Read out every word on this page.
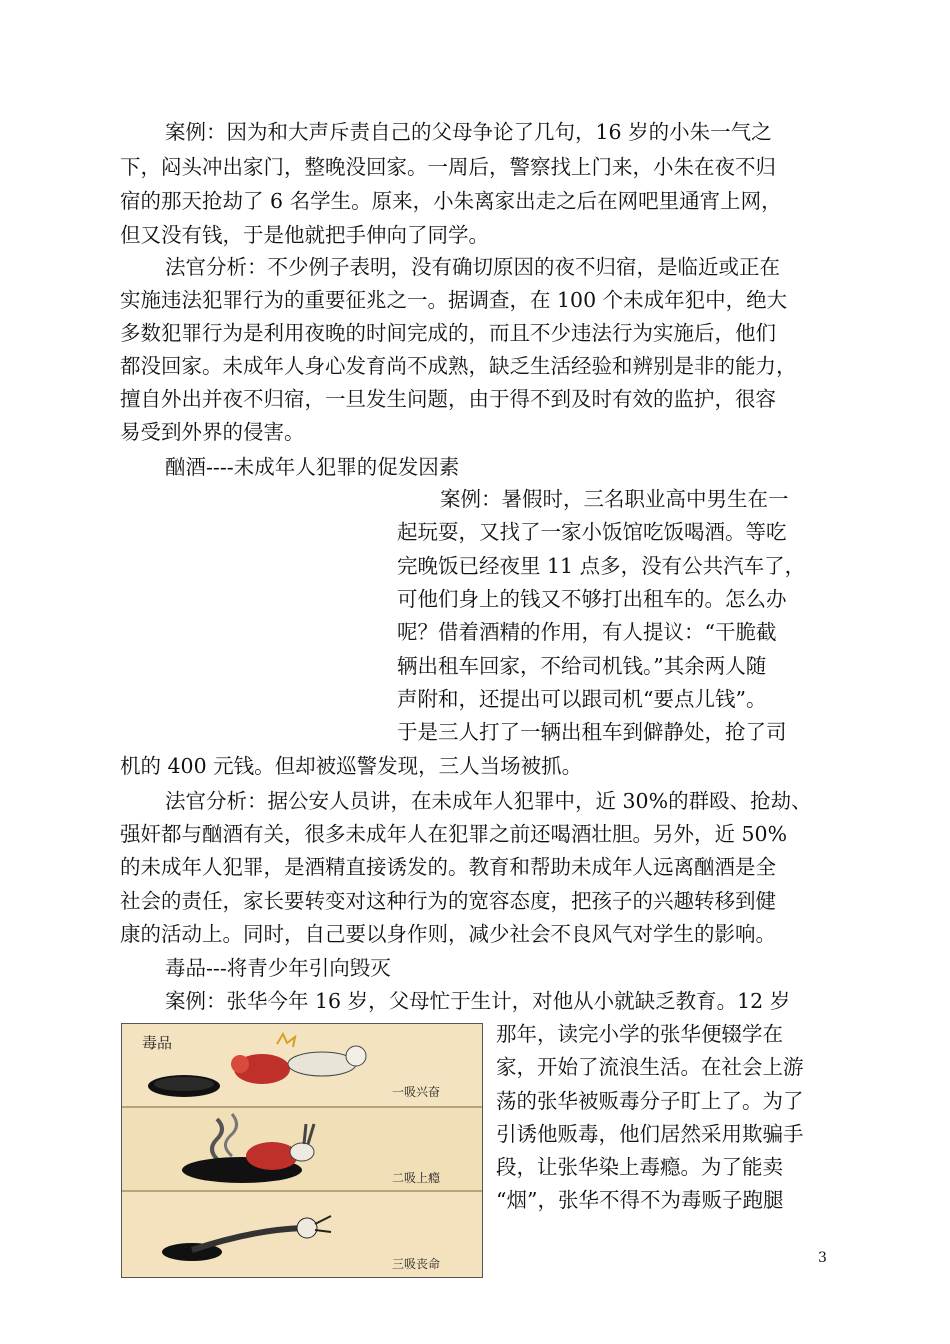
案例：因为和大声斥责自己的父母争论了几句，16 岁的小朱一气之
下，闷头冲出家门，整晚没回家。一周后，警察找上门来，小朱在夜不归
宿的那天抢劫了 6 名学生。原来，小朱离家出走之后在网吧里通宵上网，
但又没有钱，于是他就把手伸向了同学。
法官分析：不少例子表明，没有确切原因的夜不归宿，是临近或正在
实施违法犯罪行为的重要征兆之一。据调查，在 100 个未成年犯中，绝大
多数犯罪行为是利用夜晚的时间完成的，而且不少违法行为实施后，他们
都没回家。未成年人身心发育尚不成熟，缺乏生活经验和辨别是非的能力，
擅自外出并夜不归宿，一旦发生问题，由于得不到及时有效的监护，很容
易受到外界的侵害。
酗酒----未成年人犯罪的促发因素
案例：暑假时，三名职业高中男生在一
起玩耍，又找了一家小饭馆吃饭喝酒。等吃
完晚饭已经夜里 11 点多，没有公共汽车了，
可他们身上的钱又不够打出租车的。怎么办
呢？借着酒精的作用，有人提议：“干脆截
辆出租车回家，不给司机钱。”其余两人随
声附和，还提出可以跟司机“要点儿钱”。
于是三人打了一辆出租车到僻静处，抢了司
机的 400 元钱。但却被巡警发现，三人当场被抓。
法官分析：据公安人员讲，在未成年人犯罪中，近 30%的群殴、抢劫、
强奸都与酗酒有关，很多未成年人在犯罪之前还喝酒壮胆。另外，近 50%
的未成年人犯罪，是酒精直接诱发的。教育和帮助未成年人远离酗酒是全
社会的责任，家长要转变对这种行为的宽容态度，把孩子的兴趣转移到健
康的活动上。同时，自己要以身作则，减少社会不良风气对学生的影响。
毒品---将青少年引向毁灭
案例：张华今年 16 岁，父母忙于生计，对他从小就缺乏教育。12 岁
那年，读完小学的张华便辍学在
家，开始了流浪生活。在社会上游
荡的张华被贩毒分子盯上了。为了
引诱他贩毒，他们居然采用欺骗手
段，让张华染上毒瘾。为了能卖
“烟”，张华不得不为毒贩子跑腿
毒品
一吸兴奋
二吸上瘾
三吸丧命	3
